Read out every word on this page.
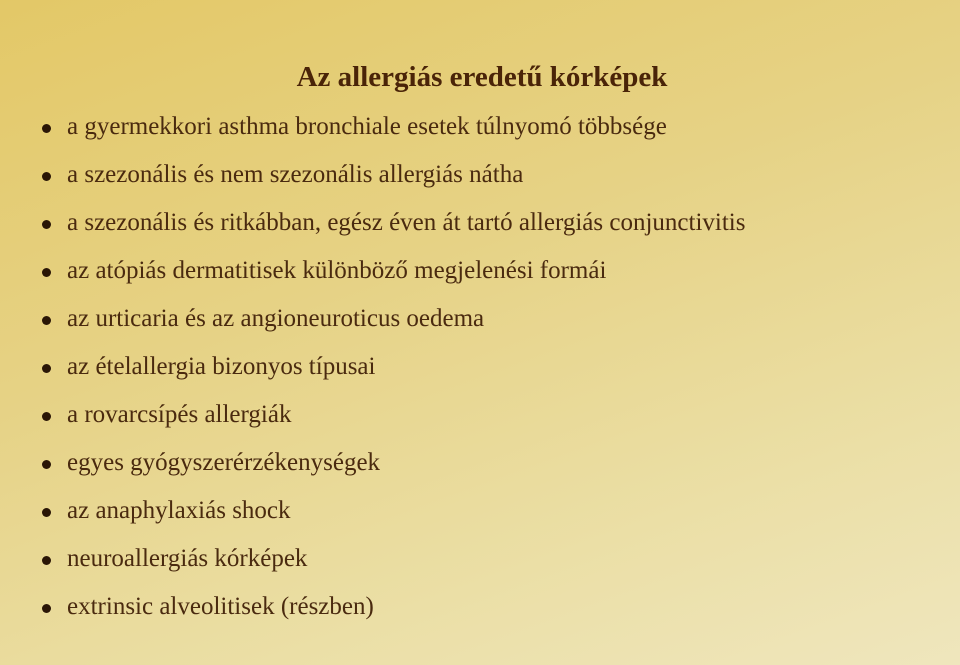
Az allergiás eredetű kórképek
a gyermekkori asthma bronchiale esetek túlnyomó többsége
a szezonális és nem szezonális allergiás nátha
a szezonális és ritkábban, egész éven át tartó allergiás conjunctivitis
az atópiás dermatitisek különböző megjelenési formái
az urticaria és az angioneuroticus oedema
az ételallergia bizonyos típusai
a rovarcsípés allergiák
egyes gyógyszerérzékenységek
az anaphylaxiás shock
neuroallergiás kórképek
extrinsic alveolitisek (részben)
